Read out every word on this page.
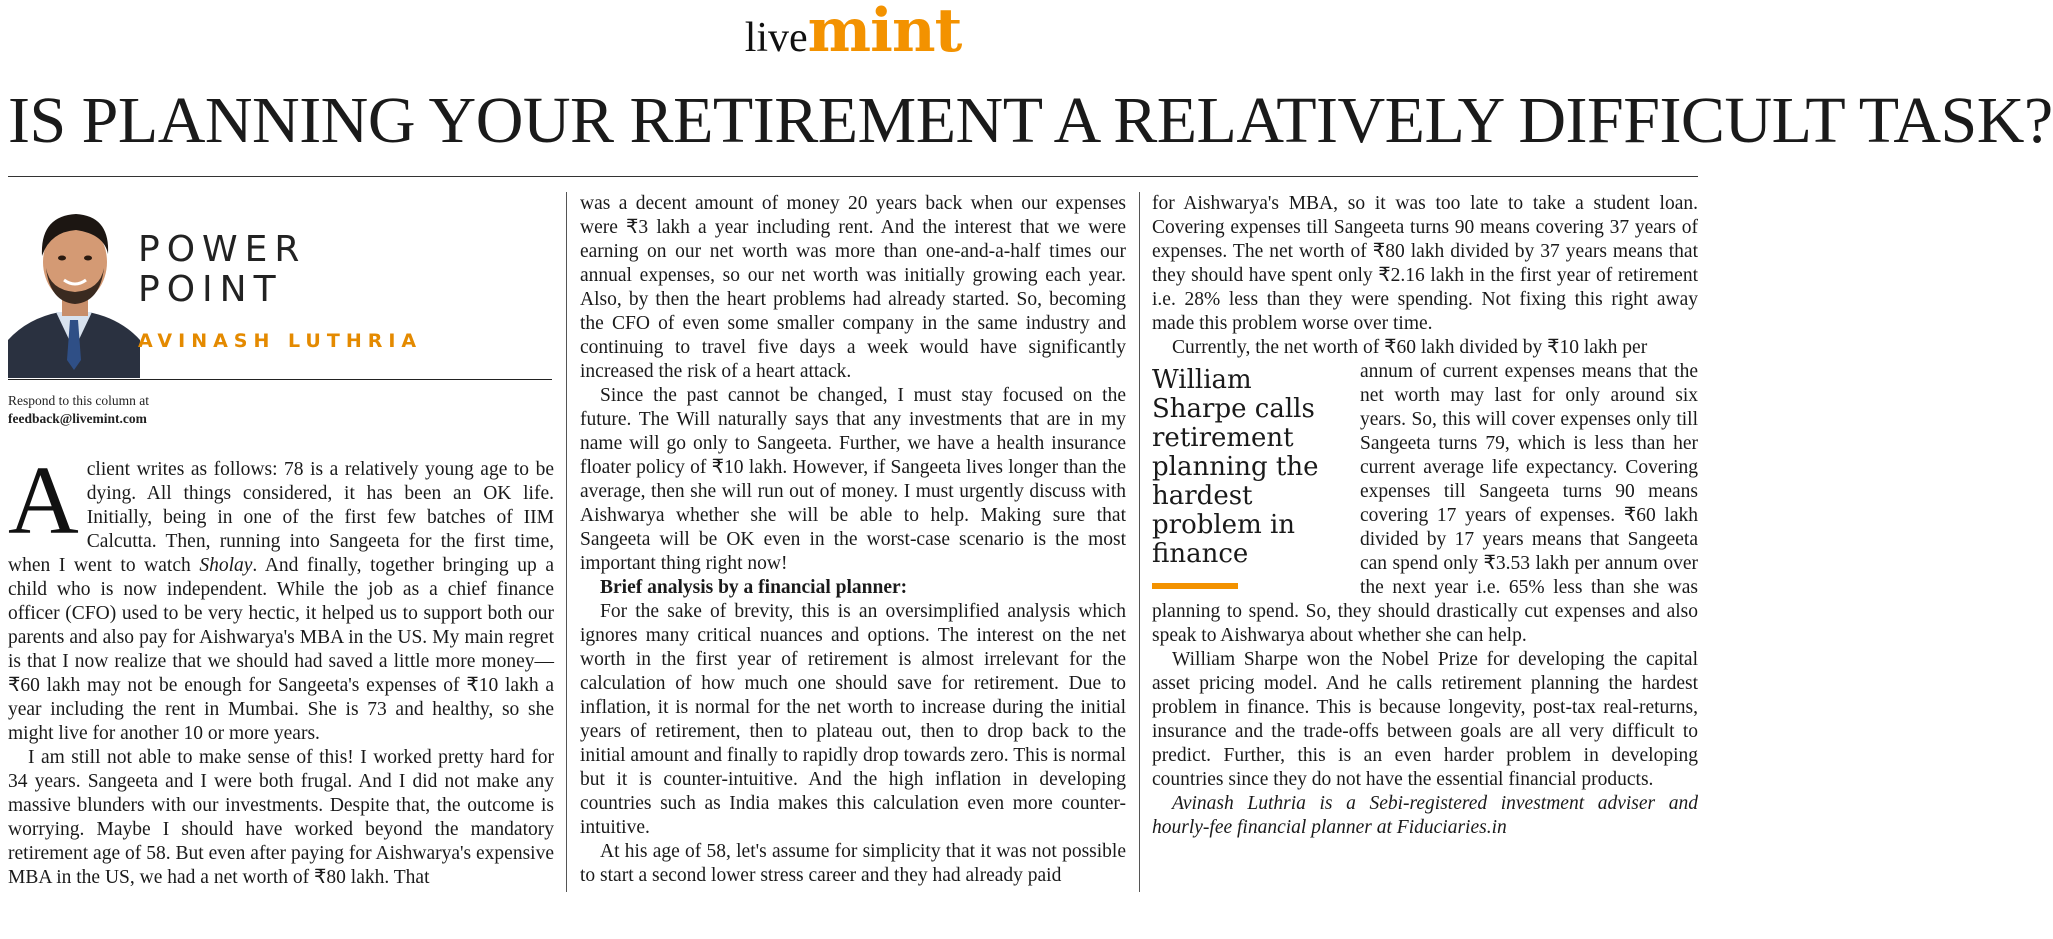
livemint
IS PLANNING YOUR RETIREMENT A RELATIVELY DIFFICULT TASK?
POWER
POINT
AVINASH LUTHRIA
Respond to this column at
feedback@livemint.com

Aclient writes as follows: 78 is a relatively young age to be dying. All things considered, it has been an OK life. Initially, being in one of the first few batches of IIM Calcutta. Then, running into Sangeeta for the first time, when I went to watch Sholay. And finally, together bringing up a child who is now independent. While the job as a chief finance officer (CFO) used to be very hectic, it helped us to support both our parents and also pay for Aishwarya's MBA in the US. My main regret is that I now realize that we should had saved a little more money—₹60 lakh may not be enough for Sangeeta's expenses of ₹10 lakh a year including the rent in Mumbai. She is 73 and healthy, so she might live for another 10 or more years.

I am still not able to make sense of this! I worked pretty hard for 34 years. Sangeeta and I were both frugal. And I did not make any massive blunders with our investments. Despite that, the outcome is worrying. Maybe I should have worked beyond the mandatory retirement age of 58. But even after paying for Aishwarya's expensive MBA in the US, we had a net worth of ₹80 lakh. That

was a decent amount of money 20 years back when our expenses were ₹3 lakh a year including rent. And the interest that we were earning on our net worth was more than one-and-a-half times our annual expenses, so our net worth was initially growing each year. Also, by then the heart problems had already started. So, becoming the CFO of even some smaller company in the same industry and continuing to travel five days a week would have significantly increased the risk of a heart attack.

Since the past cannot be changed, I must stay focused on the future. The Will naturally says that any investments that are in my name will go only to Sangeeta. Further, we have a health insurance floater policy of ₹10 lakh. However, if Sangeeta lives longer than the average, then she will run out of money. I must urgently discuss with Aishwarya whether she will be able to help. Making sure that Sangeeta will be OK even in the worst-case scenario is the most important thing right now!

Brief analysis by a financial planner:

For the sake of brevity, this is an oversimplified analysis which ignores many critical nuances and options. The interest on the net worth in the first year of retirement is almost irrelevant for the calculation of how much one should save for retirement. Due to inflation, it is normal for the net worth to increase during the initial years of retirement, then to plateau out, then to drop back to the initial amount and finally to rapidly drop towards zero. This is normal but it is counter-intuitive. And the high inflation in developing countries such as India makes this calculation even more counter-intuitive.

At his age of 58, let's assume for simplicity that it was not possible to start a second lower stress career and they had already paid

for Aishwarya's MBA, so it was too late to take a student loan. Covering expenses till Sangeeta turns 90 means covering 37 years of expenses. The net worth of ₹80 lakh divided by 37 years means that they should have spent only ₹2.16 lakh in the first year of retirement i.e. 28% less than they were spending. Not fixing this right away made this problem worse over time.

Currently, the net worth of ₹60 lakh divided by ₹10 lakh per

William Sharpe calls retirement planning the hardest problem in finance

annum of current expenses means that the net worth may last for only around six years. So, this will cover expenses only till Sangeeta turns 79, which is less than her current average life expectancy. Covering expenses till Sangeeta turns 90 means covering 17 years of expenses. ₹60 lakh divided by 17 years means that Sangeeta can spend only ₹3.53 lakh per annum over the next year i.e. 65% less than she was planning to spend. So, they should drastically cut expenses and also speak to Aishwarya about whether she can help.

William Sharpe won the Nobel Prize for developing the capital asset pricing model. And he calls retirement planning the hardest problem in finance. This is because longevity, post-tax real-returns, insurance and the trade-offs between goals are all very difficult to predict. Further, this is an even harder problem in developing countries since they do not have the essential financial products.

Avinash Luthria is a Sebi-registered investment adviser and hourly-fee financial planner at Fiduciaries.in
